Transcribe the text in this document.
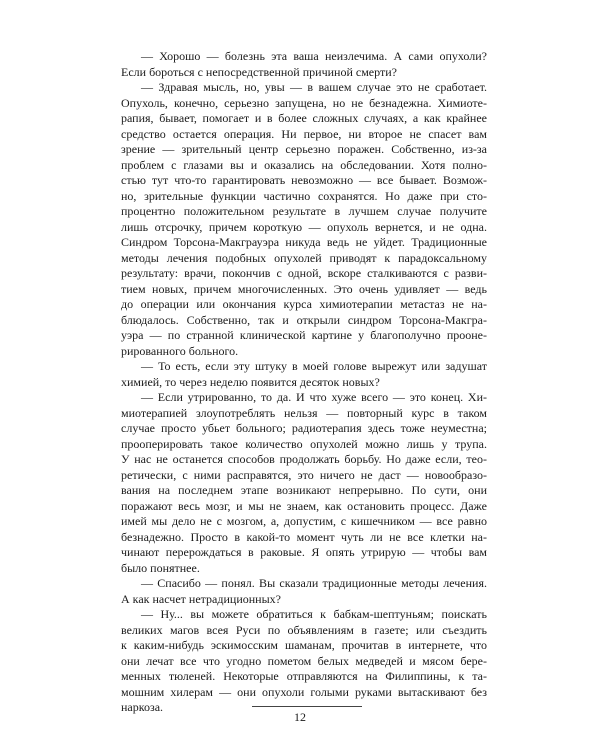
— Хорошо — болезнь эта ваша неизлечима. А сами опухоли?
Если бороться с непосредственной причиной смерти?
— Здравая мысль, но, увы — в вашем случае это не сработает.
Опухоль, конечно, серьезно запущена, но не безнадежна. Химиоте-
рапия, бывает, помогает и в более сложных случаях, а как крайнее
средство остается операция. Ни первое, ни второе не спасет вам
зрение — зрительный центр серьезно поражен. Собственно, из-за
проблем с глазами вы и оказались на обследовании. Хотя полно-
стью тут что-то гарантировать невозможно — все бывает. Возмож-
но, зрительные функции частично сохранятся. Но даже при сто-
процентно положительном результате в лучшем случае получите
лишь отсрочку, причем короткую — опухоль вернется, и не одна.
Синдром Торсона-Макграуэра никуда ведь не уйдет. Традиционные
методы лечения подобных опухолей приводят к парадоксальному
результату: врачи, покончив с одной, вскоре сталкиваются с разви-
тием новых, причем многочисленных. Это очень удивляет — ведь
до операции или окончания курса химиотерапии метастаз не на-
блюдалось. Собственно, так и открыли синдром Торсона-Макгра-
уэра — по странной клинической картине у благополучно прооне-
рированного больного.
— То есть, если эту штуку в моей голове вырежут или задушат
химией, то через неделю появится десяток новых?
— Если утрированно, то да. И что хуже всего — это конец. Хи-
миотерапией злоупотреблять нельзя — повторный курс в таком
случае просто убьет больного; радиотерапия здесь тоже неуместна;
прооперировать такое количество опухолей можно лишь у трупа.
У нас не останется способов продолжать борьбу. Но даже если, тео-
ретически, с ними расправятся, это ничего не даст — новообразо-
вания на последнем этапе возникают непрерывно. По сути, они
поражают весь мозг, и мы не знаем, как остановить процесс. Даже
имей мы дело не с мозгом, а, допустим, с кишечником — все равно
безнадежно. Просто в какой-то момент чуть ли не все клетки на-
чинают перерождаться в раковые. Я опять утрирую — чтобы вам
было понятнее.
— Спасибо — понял. Вы сказали традиционные методы лечения.
А как насчет нетрадиционных?
— Ну... вы можете обратиться к бабкам-шептуньям; поискать
великих магов всея Руси по объявлениям в газете; или съездить
к каким-нибудь эскимосским шаманам, прочитав в интернете, что
они лечат все что угодно пометом белых медведей и мясом бере-
менных тюленей. Некоторые отправляются на Филиппины, к та-
мошним хилерам — они опухоли голыми руками вытаскивают без
наркоза.
12
